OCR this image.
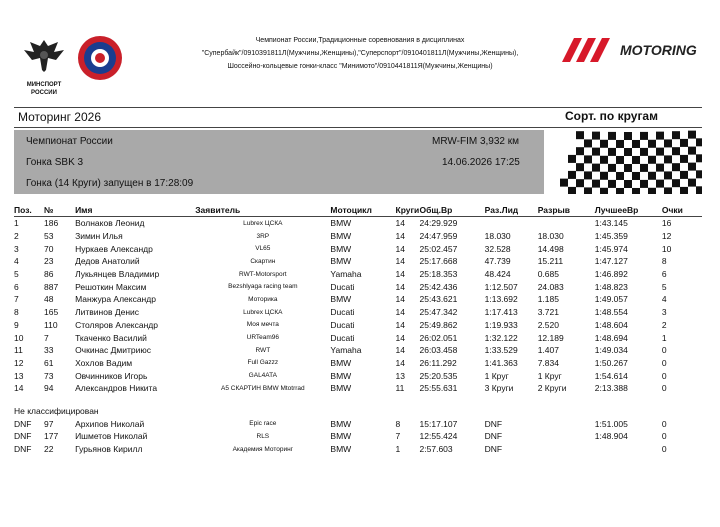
МИНСПОРТ
РОССИИ
Чемпионат России,Традиционные соревнования в дисциплинах
"Супербайк"/0910391811Л(Мужчины,Женщины),"Суперспорт"/0910401811Л(Мужчины,Женщины),
Шоссейно-кольцевые гонки-класс "Минимото"/0910441811Я(Мужчины,Женщины)
MOTORING
Моторинг 2026	Сорт. по кругам
Чемпионат России	MRW-FIM 3,932 км
Гонка SBK 3	14.06.2026 17:25
Гонка (14 Круги) запущен в 17:28:09
Поз.	№	Имя	Заявитель	Мотоцикл	Круги	Общ.Вр	Раз.Лид	Разрыв	ЛучшееВр	Очки
1	186	Волнаков Леонид	Lubrex ЦСКА	BMW	14	24:29.929			1:43.145	16
2	53	Зимин Илья	3RP	BMW	14	24:47.959	18.030	18.030	1:45.359	12
3	70	Нуркаев Александр	VL65	BMW	14	25:02.457	32.528	14.498	1:45.974	10
4	23	Дедов Анатолий	Скартин	BMW	14	25:17.668	47.739	15.211	1:47.127	8
5	86	Лукьянцев Владимир	RWT-Motorsport	Yamaha	14	25:18.353	48.424	0.685	1:46.892	6
6	887	Решоткин Максим	Bezshlyaga racing team	Ducati	14	25:42.436	1:12.507	24.083	1:48.823	5
7	48	Манжура Александр	Моторика	BMW	14	25:43.621	1:13.692	1.185	1:49.057	4
8	165	Литвинов Денис	Lubrex ЦСКА	Ducati	14	25:47.342	1:17.413	3.721	1:48.554	3
9	110	Столяров Александр	Моя мечта	Ducati	14	25:49.862	1:19.933	2.520	1:48.604	2
10	7	Ткаченко Василий	URTeam96	Ducati	14	26:02.051	1:32.122	12.189	1:48.694	1
11	33	Очкинас Дмитриюс	RWT	Yamaha	14	26:03.458	1:33.529	1.407	1:49.034	0
12	61	Хохлов Вадим	Full Gazzz	BMW	14	26:11.292	1:41.363	7.834	1:50.267	0
13	73	Овчинников Игорь	GAL4ATA	BMW	13	25:20.535	1 Круг	1 Круг	1:54.614	0
14	94	Александров Никита	А5 СКАРТИН BMW Mtotrrad	BMW	11	25:55.631	3 Круги	2 Круги	2:13.388	0

Не классифицирован										
DNF	97	Архипов Николай	Epic race	BMW	8	15:17.107	DNF		1:51.005	0
DNF	177	Ишметов Николай	RLS	BMW	7	12:55.424	DNF		1:48.904	0
DNF	22	Гурьянов Кирилл	Академия Моторинг	BMW	1	2:57.603	DNF			0
